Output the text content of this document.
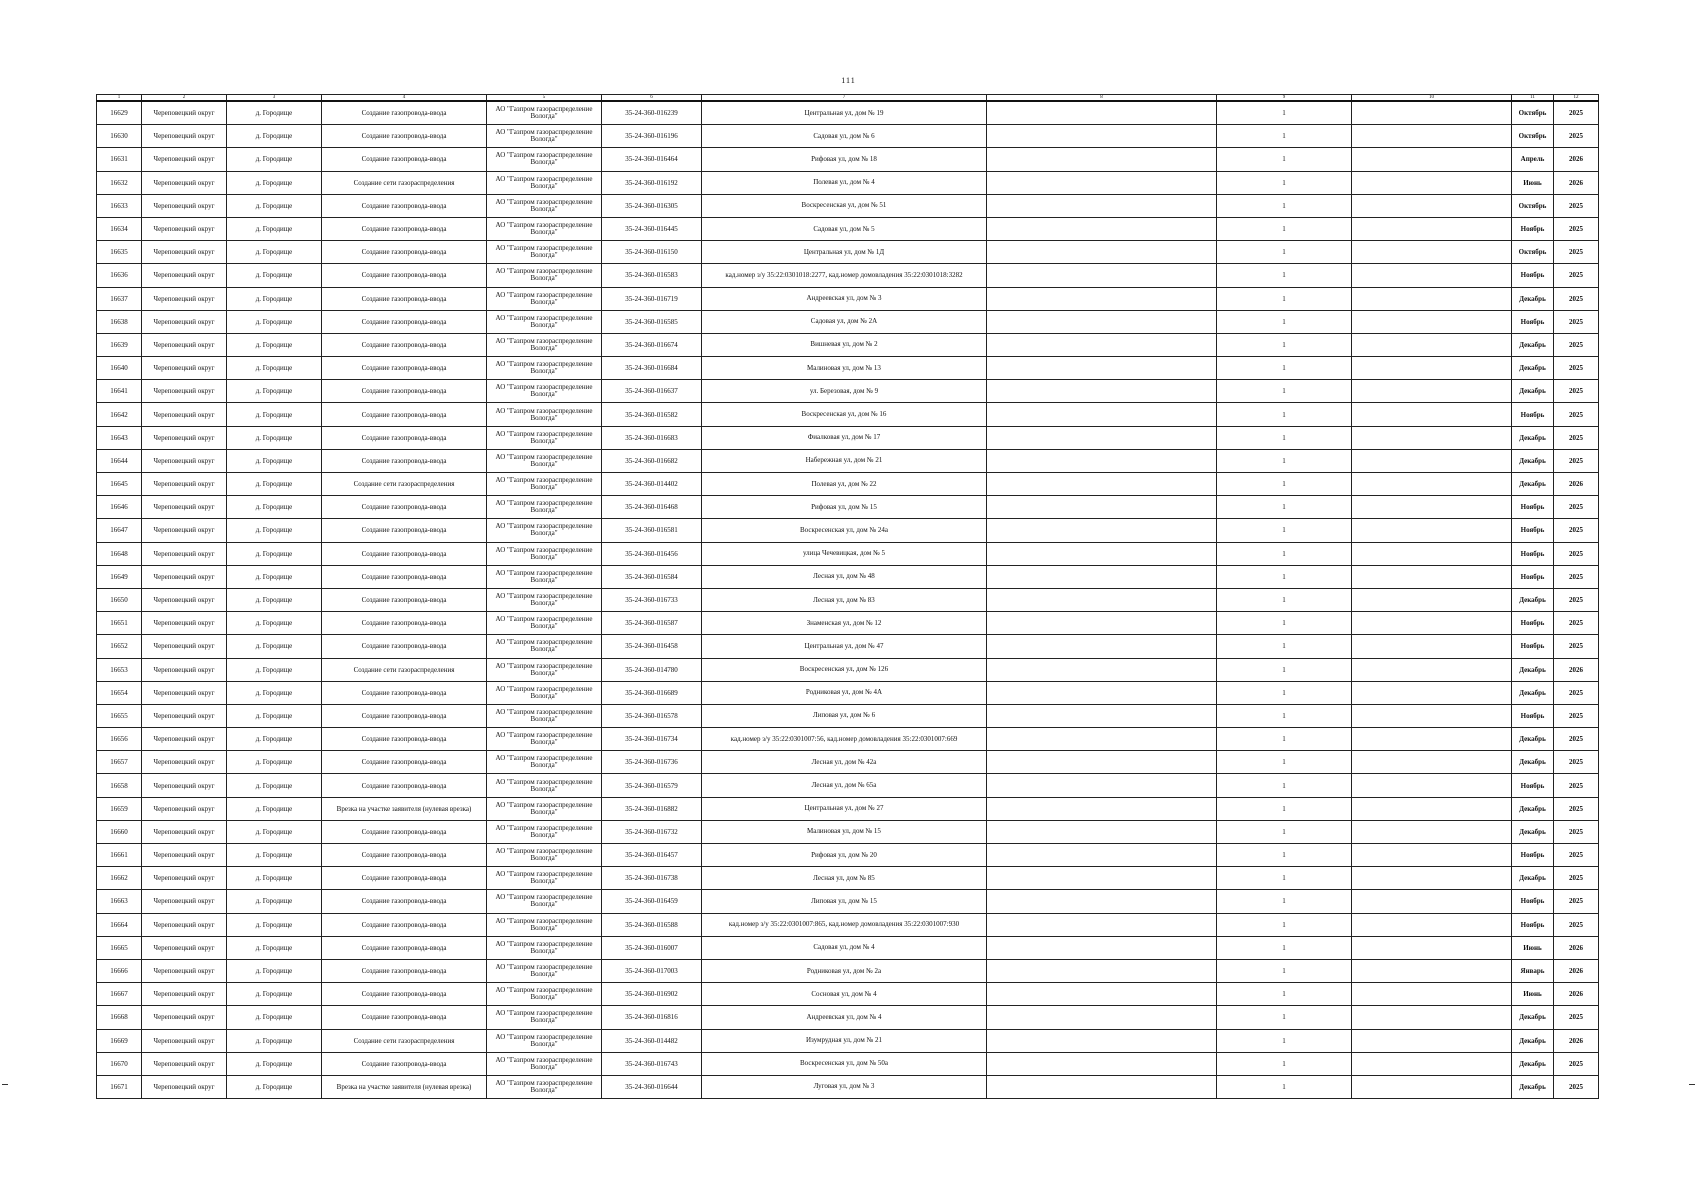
111
1	2	3	4	5	6	7	8	9	10	11	12
16629	Череповецкий округ	д. Городище	Создание газопровода-ввода	АО "Газпром газораспределение Вологда"	35-24-360-016239	Центральная ул, дом № 19		1		Октябрь	2025
16630	Череповецкий округ	д. Городище	Создание газопровода-ввода	АО "Газпром газораспределение Вологда"	35-24-360-016196	Садовая ул, дом № 6		1		Октябрь	2025
16631	Череповецкий округ	д. Городище	Создание газопровода-ввода	АО "Газпром газораспределение Вологда"	35-24-360-016464	Рифовая ул, дом № 18		1		Апрель	2026
16632	Череповецкий округ	д. Городище	Создание сети газораспределения	АО "Газпром газораспределение Вологда"	35-24-360-016192	Полевая ул, дом № 4		1		Июнь	2026
16633	Череповецкий округ	д. Городище	Создание газопровода-ввода	АО "Газпром газораспределение Вологда"	35-24-360-016305	Воскресенская ул, дом № 51		1		Октябрь	2025
16634	Череповецкий округ	д. Городище	Создание газопровода-ввода	АО "Газпром газораспределение Вологда"	35-24-360-016445	Садовая ул, дом № 5		1		Ноябрь	2025
16635	Череповецкий округ	д. Городище	Создание газопровода-ввода	АО "Газпром газораспределение Вологда"	35-24-360-016150	Центральная ул, дом № 1Д		1		Октябрь	2025
16636	Череповецкий округ	д. Городище	Создание газопровода-ввода	АО "Газпром газораспределение Вологда"	35-24-360-016583	кад.номер з/у 35:22:0301018:2277, кад.номер домовладения 35:22:0301018:3282		1		Ноябрь	2025
16637	Череповецкий округ	д. Городище	Создание газопровода-ввода	АО "Газпром газораспределение Вологда"	35-24-360-016719	Андреевская ул, дом № 3		1		Декабрь	2025
16638	Череповецкий округ	д. Городище	Создание газопровода-ввода	АО "Газпром газораспределение Вологда"	35-24-360-016585	Садовая ул, дом № 2А		1		Ноябрь	2025
16639	Череповецкий округ	д. Городище	Создание газопровода-ввода	АО "Газпром газораспределение Вологда"	35-24-360-016674	Вишневая ул, дом № 2		1		Декабрь	2025
16640	Череповецкий округ	д. Городище	Создание газопровода-ввода	АО "Газпром газораспределение Вологда"	35-24-360-016684	Малиновая ул, дом № 13		1		Декабрь	2025
16641	Череповецкий округ	д. Городище	Создание газопровода-ввода	АО "Газпром газораспределение Вологда"	35-24-360-016637	ул. Березовая, дом № 9		1		Декабрь	2025
16642	Череповецкий округ	д. Городище	Создание газопровода-ввода	АО "Газпром газораспределение Вологда"	35-24-360-016582	Воскресенская ул, дом № 16		1		Ноябрь	2025
16643	Череповецкий округ	д. Городище	Создание газопровода-ввода	АО "Газпром газораспределение Вологда"	35-24-360-016683	Фиалковая ул, дом № 17		1		Декабрь	2025
16644	Череповецкий округ	д. Городище	Создание газопровода-ввода	АО "Газпром газораспределение Вологда"	35-24-360-016682	Набережная ул, дом № 21		1		Декабрь	2025
16645	Череповецкий округ	д. Городище	Создание сети газораспределения	АО "Газпром газораспределение Вологда"	35-24-360-014402	Полевая ул, дом № 22		1		Декабрь	2026
16646	Череповецкий округ	д. Городище	Создание газопровода-ввода	АО "Газпром газораспределение Вологда"	35-24-360-016468	Рифовая ул, дом № 15		1		Ноябрь	2025
16647	Череповецкий округ	д. Городище	Создание газопровода-ввода	АО "Газпром газораспределение Вологда"	35-24-360-016581	Воскресенская ул, дом № 24а		1		Ноябрь	2025
16648	Череповецкий округ	д. Городище	Создание газопровода-ввода	АО "Газпром газораспределение Вологда"	35-24-360-016456	улица Чечевицкая, дом № 5		1		Ноябрь	2025
16649	Череповецкий округ	д. Городище	Создание газопровода-ввода	АО "Газпром газораспределение Вологда"	35-24-360-016584	Лесная ул, дом № 48		1		Ноябрь	2025
16650	Череповецкий округ	д. Городище	Создание газопровода-ввода	АО "Газпром газораспределение Вологда"	35-24-360-016733	Лесная ул, дом № 83		1		Декабрь	2025
16651	Череповецкий округ	д. Городище	Создание газопровода-ввода	АО "Газпром газораспределение Вологда"	35-24-360-016587	Знаменская ул, дом № 12		1		Ноябрь	2025
16652	Череповецкий округ	д. Городище	Создание газопровода-ввода	АО "Газпром газораспределение Вологда"	35-24-360-016458	Центральная ул, дом № 47		1		Ноябрь	2025
16653	Череповецкий округ	д. Городище	Создание сети газораспределения	АО "Газпром газораспределение Вологда"	35-24-360-014780	Воскресенская ул, дом № 126		1		Декабрь	2026
16654	Череповецкий округ	д. Городище	Создание газопровода-ввода	АО "Газпром газораспределение Вологда"	35-24-360-016689	Родниковая ул, дом № 4А		1		Декабрь	2025
16655	Череповецкий округ	д. Городище	Создание газопровода-ввода	АО "Газпром газораспределение Вологда"	35-24-360-016578	Липовая ул, дом № 6		1		Ноябрь	2025
16656	Череповецкий округ	д. Городище	Создание газопровода-ввода	АО "Газпром газораспределение Вологда"	35-24-360-016734	кад.номер з/у 35:22:0301007:56, кад.номер домовладения 35:22:0301007:669		1		Декабрь	2025
16657	Череповецкий округ	д. Городище	Создание газопровода-ввода	АО "Газпром газораспределение Вологда"	35-24-360-016736	Лесная ул, дом № 42а		1		Декабрь	2025
16658	Череповецкий округ	д. Городище	Создание газопровода-ввода	АО "Газпром газораспределение Вологда"	35-24-360-016579	Лесная ул, дом № 65а		1		Ноябрь	2025
16659	Череповецкий округ	д. Городище	Врезка на участке заявителя (нулевая врезка)	АО "Газпром газораспределение Вологда"	35-24-360-016882	Центральная ул, дом № 27		1		Декабрь	2025
16660	Череповецкий округ	д. Городище	Создание газопровода-ввода	АО "Газпром газораспределение Вологда"	35-24-360-016732	Малиновая ул, дом № 15		1		Декабрь	2025
16661	Череповецкий округ	д. Городище	Создание газопровода-ввода	АО "Газпром газораспределение Вологда"	35-24-360-016457	Рифовая ул, дом № 20		1		Ноябрь	2025
16662	Череповецкий округ	д. Городище	Создание газопровода-ввода	АО "Газпром газораспределение Вологда"	35-24-360-016738	Лесная ул, дом № 85		1		Декабрь	2025
16663	Череповецкий округ	д. Городище	Создание газопровода-ввода	АО "Газпром газораспределение Вологда"	35-24-360-016459	Липовая ул, дом № 15		1		Ноябрь	2025
16664	Череповецкий округ	д. Городище	Создание газопровода-ввода	АО "Газпром газораспределение Вологда"	35-24-360-016588	кад.номер з/у 35:22:0301007:865, кад.номер домовладения 35:22:0301007:930		1		Ноябрь	2025
16665	Череповецкий округ	д. Городище	Создание газопровода-ввода	АО "Газпром газораспределение Вологда"	35-24-360-016007	Садовая ул, дом № 4		1		Июнь	2026
16666	Череповецкий округ	д. Городище	Создание газопровода-ввода	АО "Газпром газораспределение Вологда"	35-24-360-017003	Родниковая ул, дом № 2а		1		Январь	2026
16667	Череповецкий округ	д. Городище	Создание газопровода-ввода	АО "Газпром газораспределение Вологда"	35-24-360-016902	Сосновая ул, дом № 4		1		Июнь	2026
16668	Череповецкий округ	д. Городище	Создание газопровода-ввода	АО "Газпром газораспределение Вологда"	35-24-360-016816	Андреевская ул, дом № 4		1		Декабрь	2025
16669	Череповецкий округ	д. Городище	Создание сети газораспределения	АО "Газпром газораспределение Вологда"	35-24-360-014482	Изумрудная ул, дом № 21		1		Декабрь	2026
16670	Череповецкий округ	д. Городище	Создание газопровода-ввода	АО "Газпром газораспределение Вологда"	35-24-360-016743	Воскресенская ул, дом № 50а		1		Декабрь	2025
16671	Череповецкий округ	д. Городище	Врезка на участке заявителя (нулевая врезка)	АО "Газпром газораспределение Вологда"	35-24-360-016644	Луговая ул, дом № 3		1		Декабрь	2025
